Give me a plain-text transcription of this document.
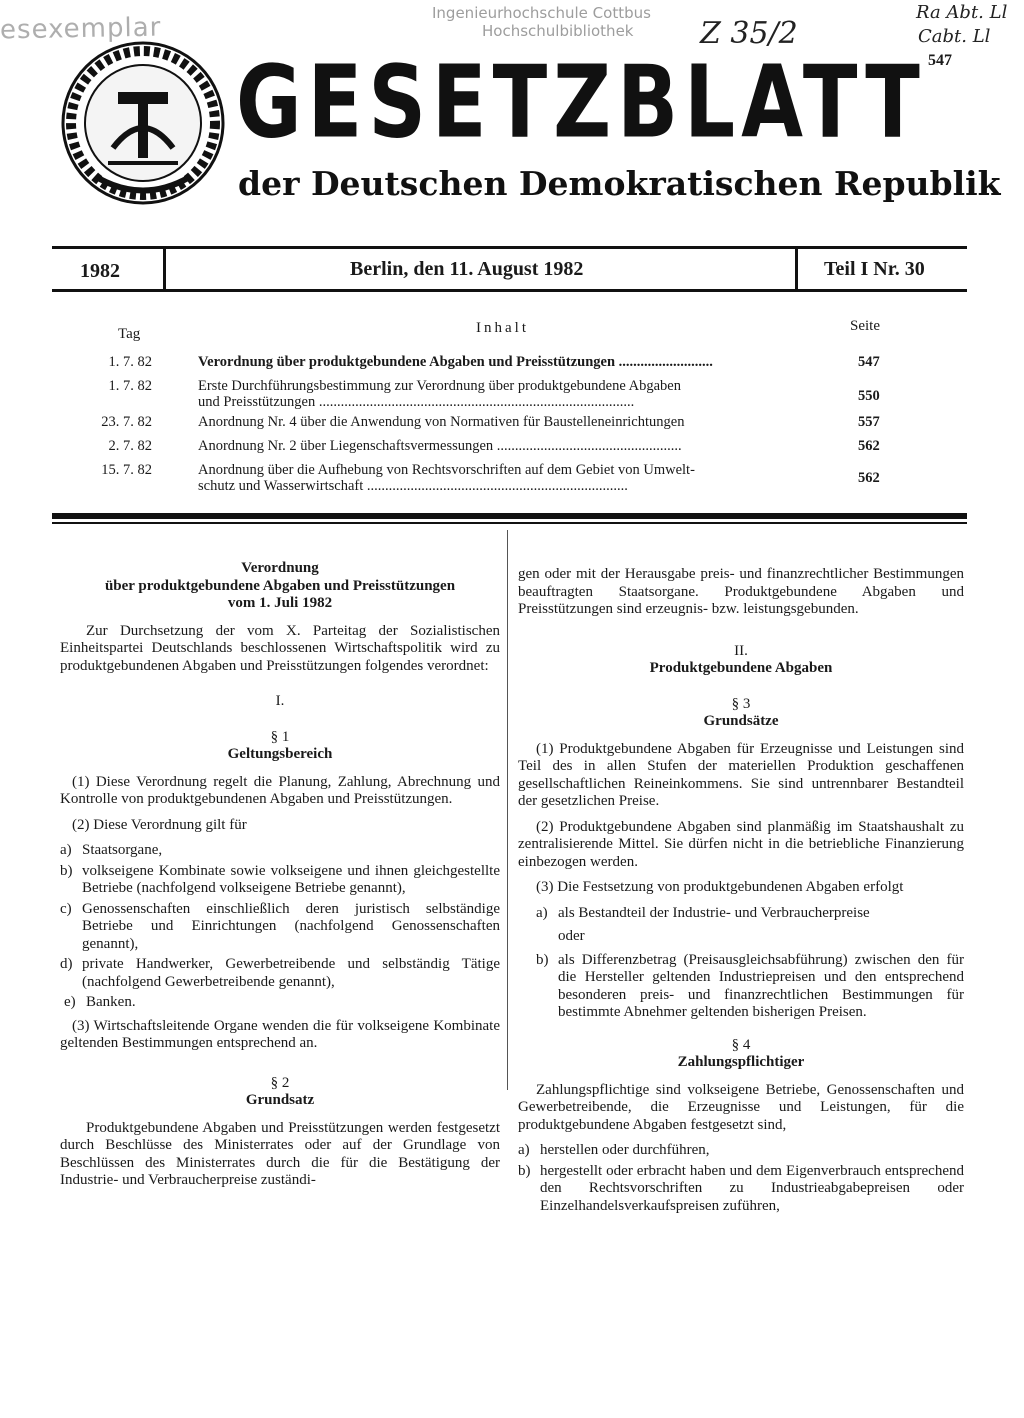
esexemplar	Ingenieurhochschule Cottbus
Hochschulbibliothek	Z 35/2
Ra Abt. Ll
Cabt. Ll
GESETZBLATT
der Deutschen Demokratischen Republik
547
1982	Berlin, den 11. August 1982	Teil I Nr. 30
Tag	Inhalt	Seite
1. 7. 82	Verordnung über produktgebundene Abgaben und Preisstützungen ..........................	547
1. 7. 82	Erste Durchführungsbestimmung zur Verordnung über produktgebundene Abgaben
und Preisstützungen .......................................................................................	550
23. 7. 82	Anordnung Nr. 4 über die Anwendung von Normativen für Baustelleneinrichtungen	557
2. 7. 82	Anordnung Nr. 2 über Liegenschaftsvermessungen ...................................................	562
15. 7. 82	Anordnung über die Aufhebung von Rechtsvorschriften auf dem Gebiet von Umwelt-
schutz und Wasserwirtschaft ........................................................................	562
Verordnung
über produktgebundene Abgaben und Preisstützungen
vom 1. Juli 1982

Zur Durchsetzung der vom X. Parteitag der Sozialistischen Einheitspartei Deutschlands beschlossenen Wirtschaftspolitik wird zu produktgebundenen Abgaben und Preisstützungen folgendes verordnet:

I.
§ 1
Geltungsbereich

(1) Diese Verordnung regelt die Planung, Zahlung, Abrechnung und Kontrolle von produktgebundenen Abgaben und Preisstützungen.

(2) Diese Verordnung gilt für

a) Staatsorgane,
b) volkseigene Kombinate sowie volkseigene und ihnen gleichgestellte Betriebe (nachfolgend volkseigene Betriebe genannt),
c) Genossenschaften einschließlich deren juristisch selbständige Betriebe und Einrichtungen (nachfolgend Genossenschaften genannt),
d) private Handwerker, Gewerbetreibende und selbständig Tätige (nachfolgend Gewerbetreibende genannt),
e) Banken.

(3) Wirtschaftsleitende Organe wenden die für volkseigene Kombinate geltenden Bestimmungen entsprechend an.

§ 2
Grundsatz

Produktgebundene Abgaben und Preisstützungen werden festgesetzt durch Beschlüsse des Ministerrates oder auf der Grundlage von Beschlüssen des Ministerrates durch die für die Bestätigung der Industrie- und Verbraucherpreise zuständi-

gen oder mit der Herausgabe preis- und finanzrechtlicher Bestimmungen beauftragten Staatsorgane. Produktgebundene Abgaben und Preisstützungen sind erzeugnis- bzw. leistungsgebunden.

II.
Produktgebundene Abgaben
§ 3
Grundsätze

(1) Produktgebundene Abgaben für Erzeugnisse und Leistungen sind Teil des in allen Stufen der materiellen Produktion geschaffenen gesellschaftlichen Reineinkommens. Sie sind untrennbarer Bestandteil der gesetzlichen Preise.

(2) Produktgebundene Abgaben sind planmäßig im Staatshaushalt zu zentralisierende Mittel. Sie dürfen nicht in die betriebliche Finanzierung einbezogen werden.

(3) Die Festsetzung von produktgebundenen Abgaben erfolgt

a) als Bestandteil der Industrie- und Verbraucherpreise
oder
b) als Differenzbetrag (Preisausgleichsabführung) zwischen den für die Hersteller geltenden Industriepreisen und den entsprechend besonderen preis- und finanzrechtlichen Bestimmungen für bestimmte Abnehmer geltenden bisherigen Preisen.
§ 4
Zahlungspflichtiger

Zahlungspflichtige sind volkseigene Betriebe, Genossenschaften und Gewerbetreibende, die Erzeugnisse und Leistungen, für die produktgebundene Abgaben festgesetzt sind,

a) herstellen oder durchführen,
b) hergestellt oder erbracht haben und dem Eigenverbrauch entsprechend den Rechtsvorschriften zu Industrieabgabepreisen oder Einzelhandelsverkaufspreisen zuführen,
